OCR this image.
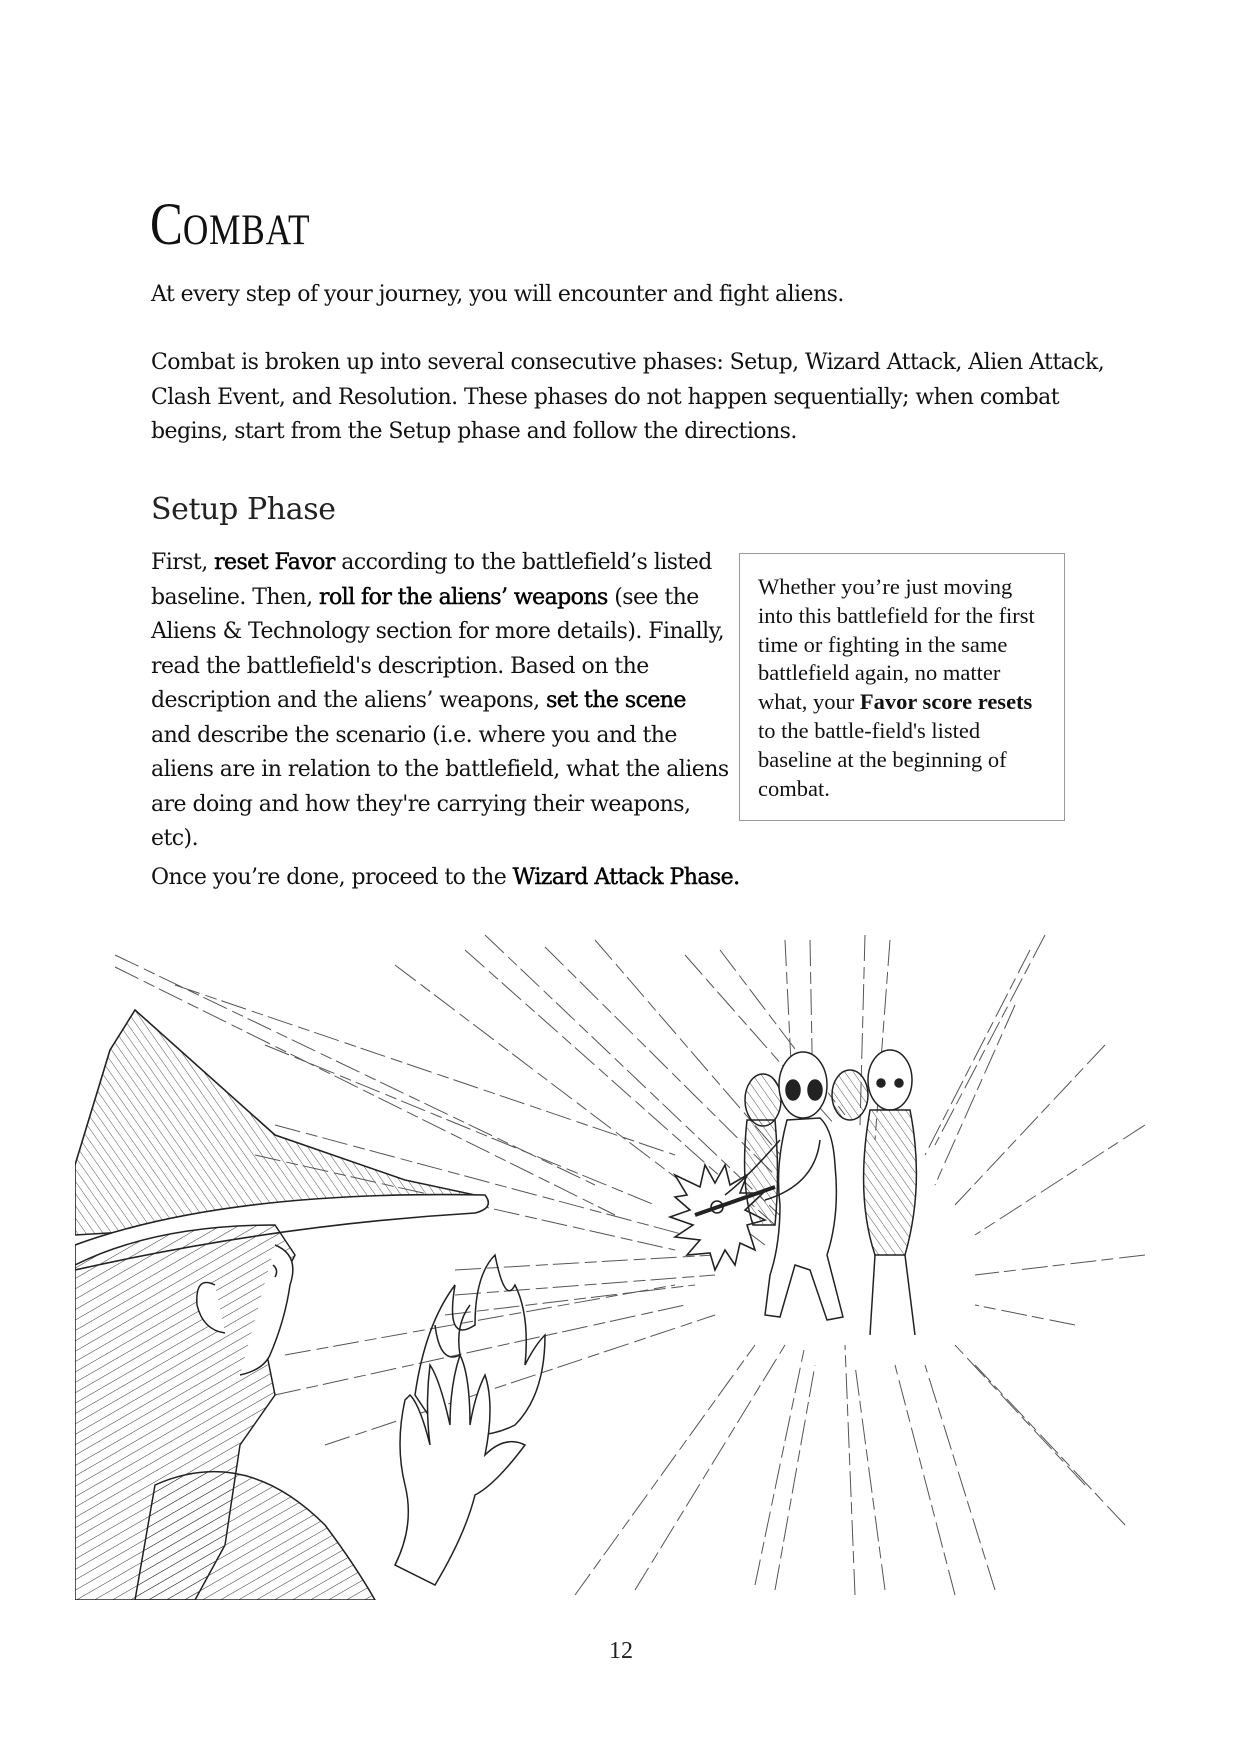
COMBAT

At every step of your journey, you will encounter and fight aliens.

Combat is broken up into several consecutive phases: Setup, Wizard Attack, Alien Attack, Clash Event, and Resolution. These phases do not happen sequentially; when combat begins, start from the Setup phase and follow the directions.

Setup Phase

First, reset Favor according to the battlefield’s listed baseline. Then, roll for the aliens’ weapons (see the Aliens & Technology section for more details). Finally, read the battlefield's description. Based on the description and the aliens’ weapons, set the scene and describe the scenario (i.e. where you and the aliens are in relation to the battlefield, what the aliens are doing and how they're carrying their weapons, etc).

Whether you’re just moving into this battlefield for the first time or fighting in the same battlefield again, no matter what, your Favor score resets to the battle-field's listed baseline at the beginning of combat.

Once you’re done, proceed to the Wizard Attack Phase.

12
